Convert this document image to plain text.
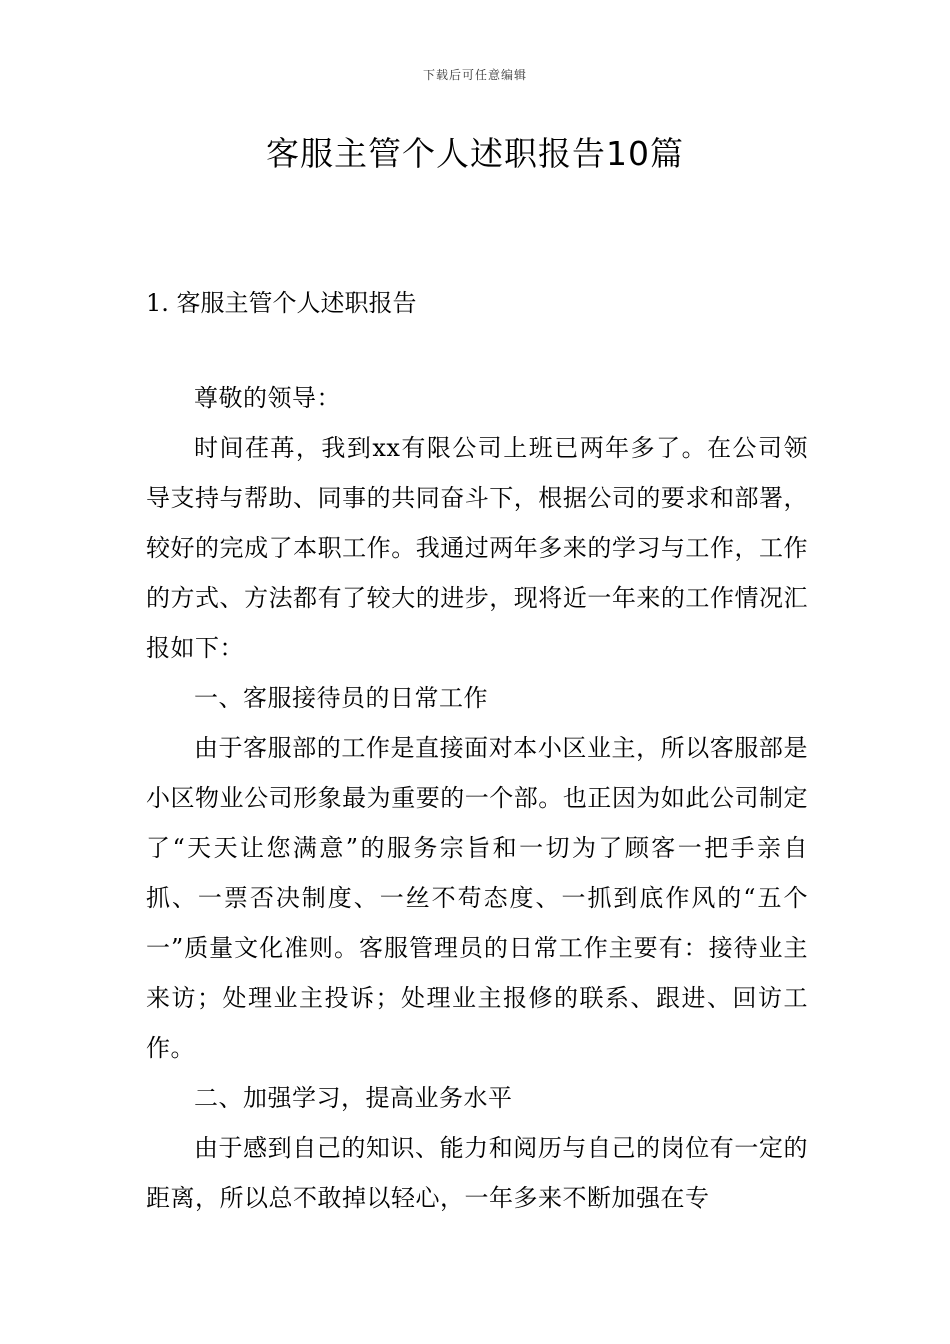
下载后可任意编辑
客服主管个人述职报告10篇
1. 客服主管个人述职报告

尊敬的领导：

时间荏苒，我到xx有限公司上班已两年多了。在公司领导支持与帮助、同事的共同奋斗下，根据公司的要求和部署，较好的完成了本职工作。我通过两年多来的学习与工作，工作的方式、方法都有了较大的进步，现将近一年来的工作情况汇报如下：

一、客服接待员的日常工作

由于客服部的工作是直接面对本小区业主，所以客服部是小区物业公司形象最为重要的一个部。也正因为如此公司制定了“天天让您满意”的服务宗旨和一切为了顾客一把手亲自抓、一票否决制度、一丝不苟态度、一抓到底作风的“五个一”质量文化准则。客服管理员的日常工作主要有：接待业主来访；处理业主投诉；处理业主报修的联系、跟进、回访工作。

二、加强学习，提高业务水平

由于感到自己的知识、能力和阅历与自己的岗位有一定的距离，所以总不敢掉以轻心，一年多来不断加强在专
